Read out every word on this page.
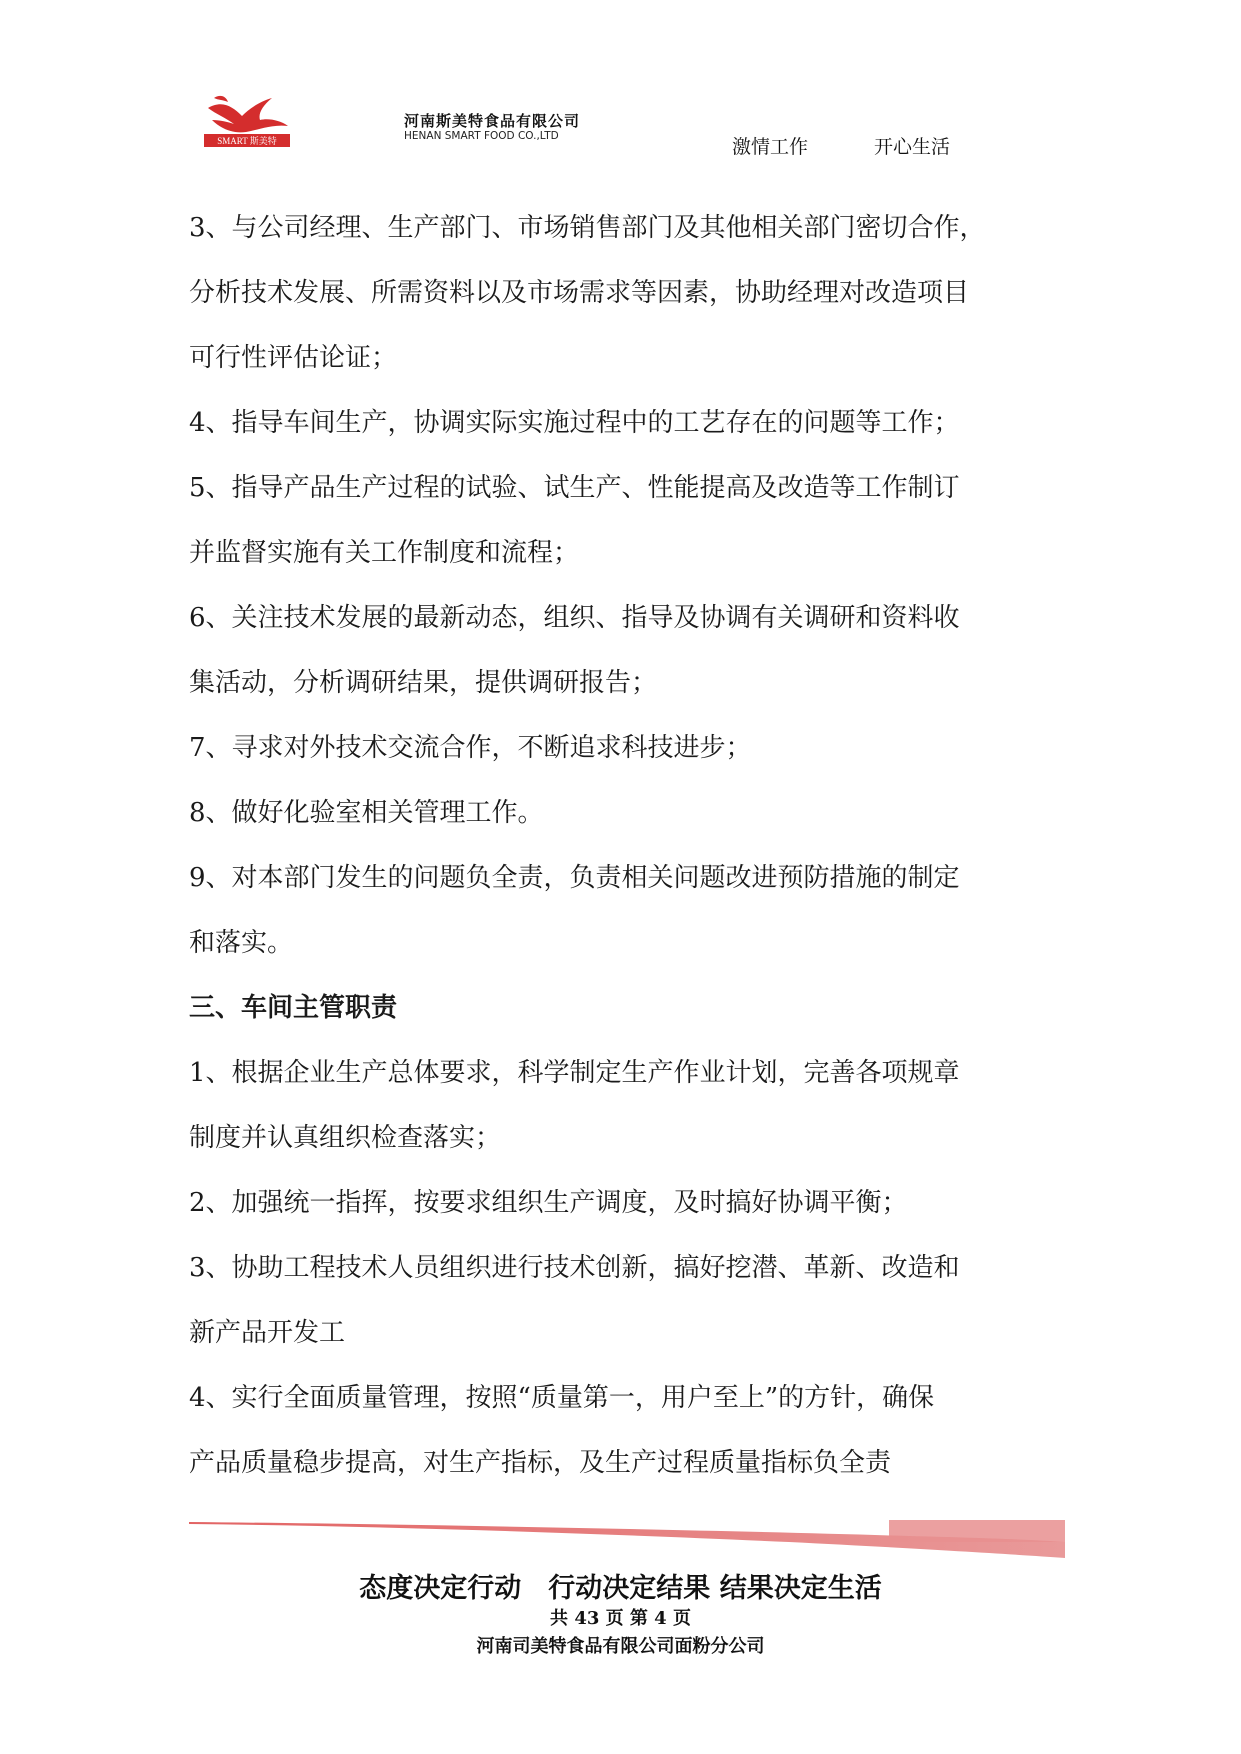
SMART 斯美特
河南斯美特食品有限公司
HENAN SMART FOOD CO.,LTD	激情工作	开心生活
3、与公司经理、生产部门、市场销售部门及其他相关部门密切合作，
分析技术发展、所需资料以及市场需求等因素，协助经理对改造项目
可行性评估论证；
4、指导车间生产，协调实际实施过程中的工艺存在的问题等工作；
5、指导产品生产过程的试验、试生产、性能提高及改造等工作制订
并监督实施有关工作制度和流程；
6、关注技术发展的最新动态，组织、指导及协调有关调研和资料收
集活动，分析调研结果，提供调研报告；
7、寻求对外技术交流合作，不断追求科技进步；
8、做好化验室相关管理工作。
9、对本部门发生的问题负全责，负责相关问题改进预防措施的制定
和落实。
三、车间主管职责
1、根据企业生产总体要求，科学制定生产作业计划，完善各项规章
制度并认真组织检查落实；
2、加强统一指挥，按要求组织生产调度，及时搞好协调平衡；
3、协助工程技术人员组织进行技术创新，搞好挖潜、革新、改造和
新产品开发工
4、实行全面质量管理，按照“质量第一，用户至上”的方针，确保
产品质量稳步提高，对生产指标，及生产过程质量指标负全责
态度决定行动　行动决定结果 结果决定生活
共 43 页 第 4 页
河南司美特食品有限公司面粉分公司
